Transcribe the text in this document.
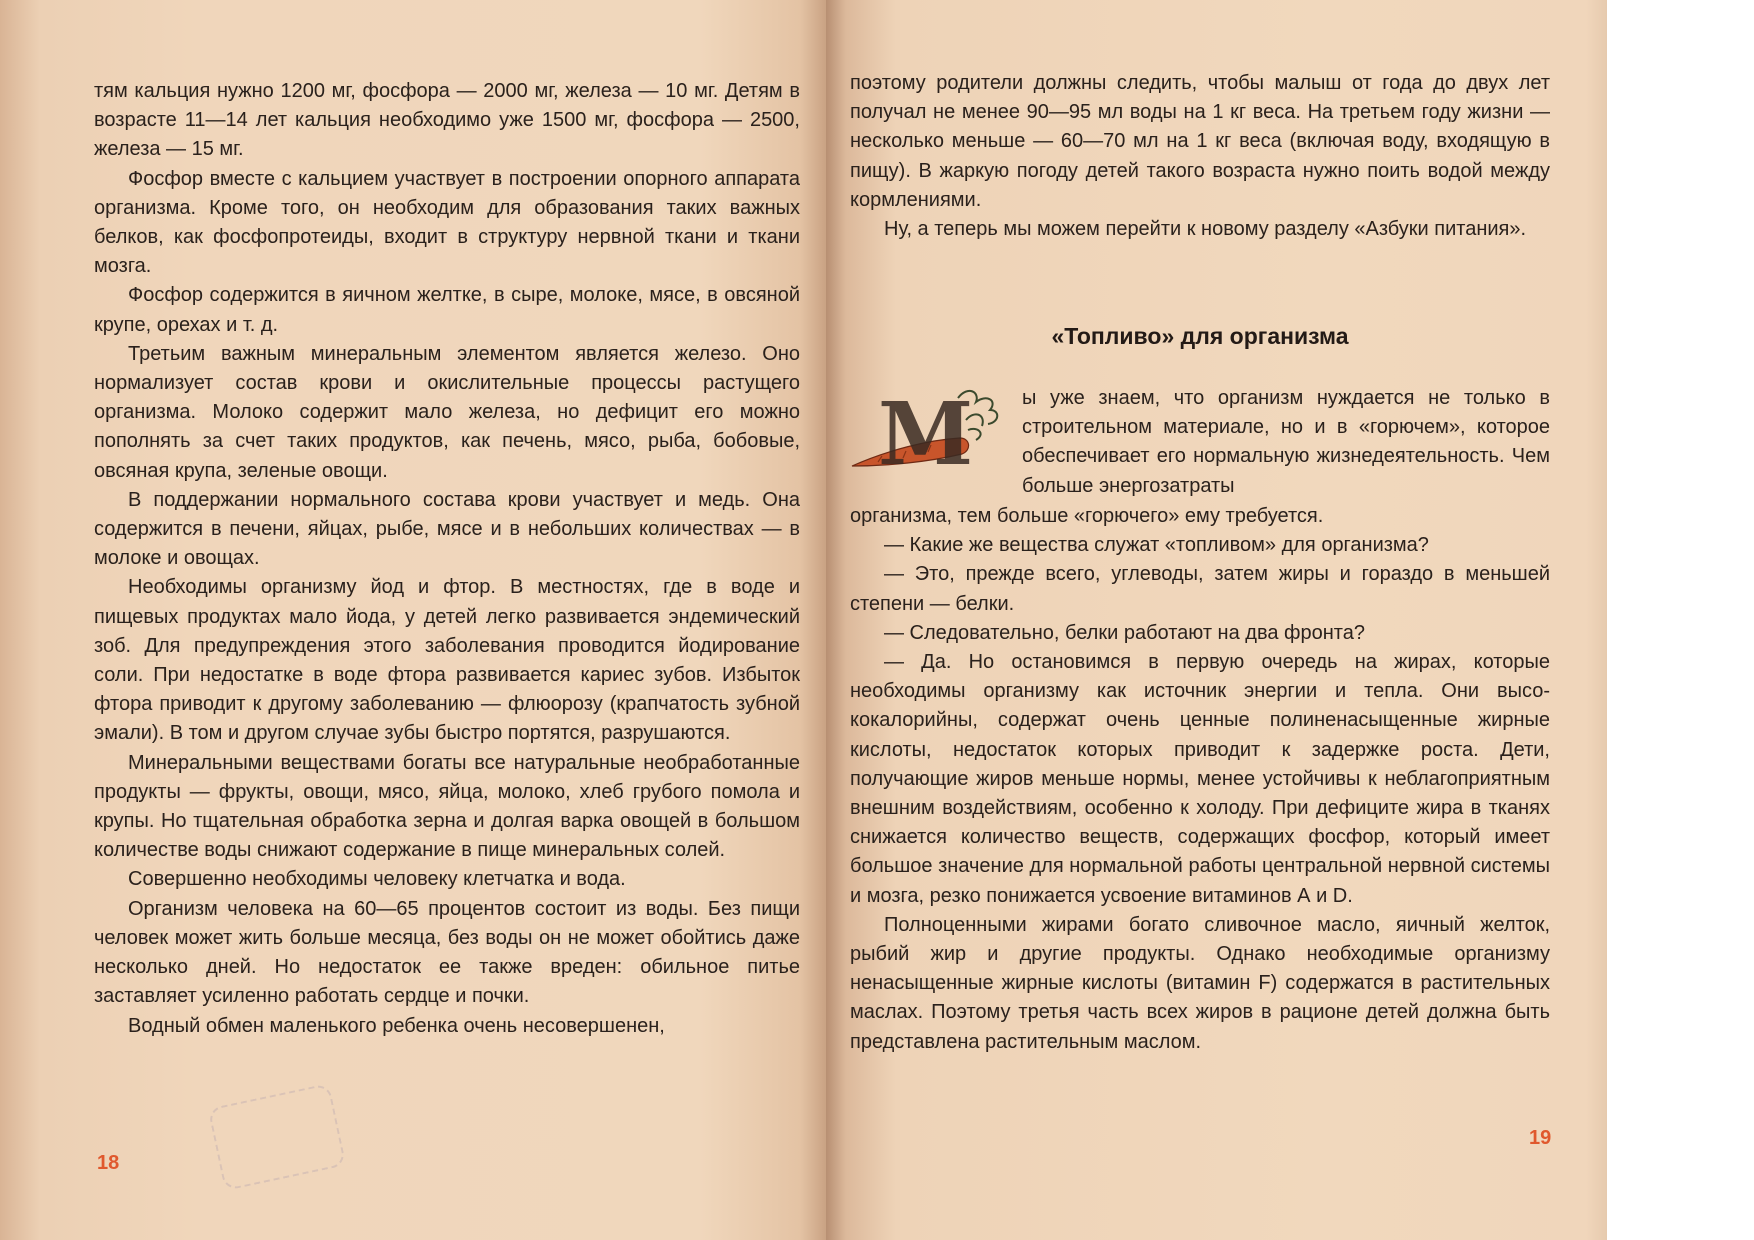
тям кальция нужно 1200 мг, фосфора — 2000 мг, железа — 10 мг. Детям в возрасте 11—14 лет кальция необходимо уже 1500 мг, фосфора — 2500, железа — 15 мг.

Фосфор вместе с кальцием участвует в построении опорного аппарата организма. Кроме того, он необходим для образования таких важных белков, как фосфопротеиды, входит в структуру нервной ткани и ткани мозга.

Фосфор содержится в яичном желтке, в сыре, молоке, мясе, в овсяной крупе, орехах и т. д.

Третьим важным минеральным элементом является железо. Оно нормализует состав крови и окислительные процессы растущего организма. Молоко содержит мало железа, но дефицит его можно пополнять за счет таких продуктов, как печень, мясо, рыба, бобовые, овсяная крупа, зеленые овощи.

В поддержании нормального состава крови участвует и медь. Она содержится в печени, яйцах, рыбе, мясе и в небольших количествах — в молоке и овощах.

Необходимы организму йод и фтор. В местностях, где в воде и пищевых продуктах мало йода, у детей легко развивается эндемический зоб. Для предупреждения этого заболевания проводится йодирование соли. При недостатке в воде фтора развивается кариес зубов. Избыток фтора приводит к другому заболеванию — флюорозу (крапчатость зубной эмали). В том и другом случае зубы быстро портятся, разрушаются.

Минеральными веществами богаты все натуральные необработанные продукты — фрукты, овощи, мясо, яйца, молоко, хлеб грубого помола и крупы. Но тщательная обработка зерна и долгая варка овощей в большом количестве воды снижают содержание в пище минеральных солей.

Совершенно необходимы человеку клетчатка и вода.

Организм человека на 60—65 процентов состоит из воды. Без пищи человек может жить больше месяца, без воды он не может обойтись даже несколько дней. Но недостаток ее также вреден: обильное питье заставляет усиленно работать сердце и почки.

Водный обмен маленького ребенка очень несовершенен,

18

поэтому родители должны следить, чтобы малыш от года до двух лет получал не менее 90—95 мл воды на 1 кг веса. На третьем году жизни — несколько меньше — 60—70 мл на 1 кг веса (включая воду, входящую в пищу). В жаркую погоду детей такого возраста нужно поить водой между кормлениями.

Ну, а теперь мы можем перейти к новому разделу «Азбуки питания».

«Топливо» для организма
М ы уже знаем, что организм нуждается не только в строительном материале, но и в «горючем», которое обеспечивает его нормальную жизнедеятельность. Чем больше энергозатраты

организма, тем больше «горючего» ему требуется.

— Какие же вещества служат «топливом» для организма?

— Это, прежде всего, углеводы, затем жиры и гораздо в меньшей степени — белки.

— Следовательно, белки работают на два фронта?

— Да. Но остановимся в первую очередь на жирах, которые необходимы организму как источник энергии и тепла. Они высококалорийны, содержат очень ценные полиненасыщенные жирные кислоты, недостаток которых приводит к задержке роста. Дети, получающие жиров меньше нормы, менее устойчивы к неблагоприятным внешним воздействиям, особенно к холоду. При дефиците жира в тканях снижается количество веществ, содержащих фосфор, который имеет большое значение для нормальной работы центральной нервной системы и мозга, резко понижается усвоение витаминов А и D.

Полноценными жирами богато сливочное масло, яичный желток, рыбий жир и другие продукты. Однако необходимые организму ненасыщенные жирные кислоты (витамин F) содержатся в растительных маслах. Поэтому третья часть всех жиров в рационе детей должна быть представлена растительным маслом.

19
